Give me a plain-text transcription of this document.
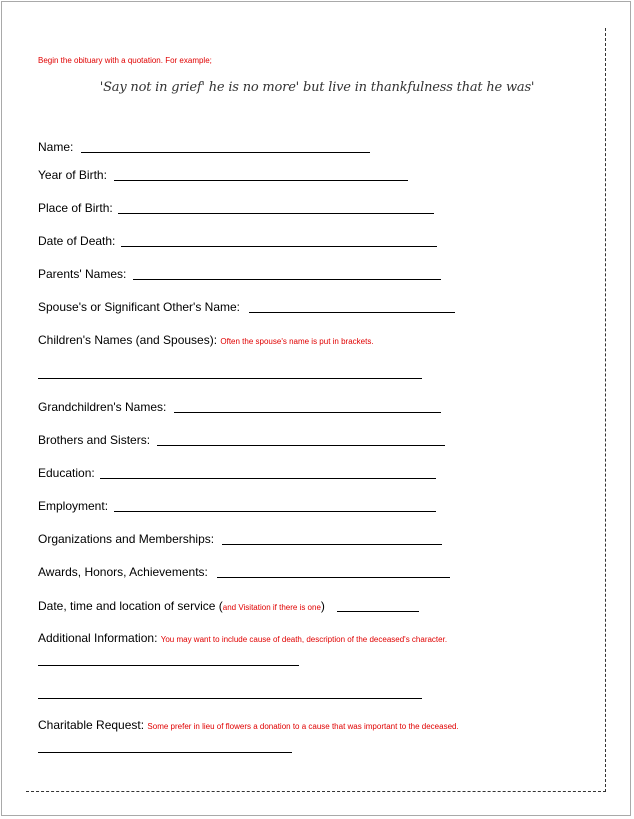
Begin the obituary with a quotation. For example;
'Say not in grief' he is no more' but live in thankfulness that he was'
Name:
Year of Birth:
Place of Birth:
Date of Death:
Parents' Names:
Spouse's or Significant Other's Name:
Children's Names (and Spouses): Often the spouse's name is put in brackets.
Grandchildren's Names:
Brothers and Sisters:
Education:
Employment:
Organizations and Memberships:
Awards, Honors, Achievements:
Date, time and location of service (and Visitation if there is one)
Additional Information: You may want to include cause of death, description of the deceased's character.
Charitable Request: Some prefer in lieu of flowers a donation to a cause that was important to the deceased.
